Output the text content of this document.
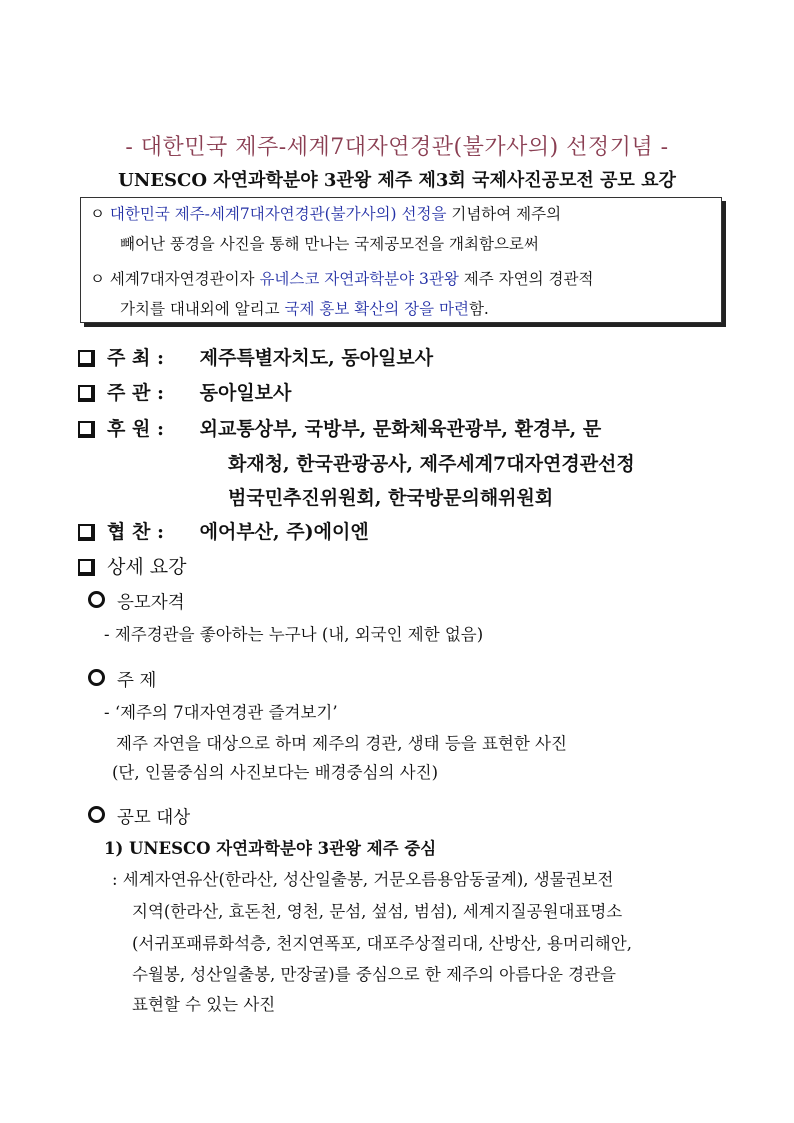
- 대한민국 제주-세계7대자연경관(불가사의) 선정기념 -
UNESCO 자연과학분야 3관왕 제주 제3회 국제사진공모전 공모 요강
ㅇ 대한민국 제주-세계7대자연경관(불가사의) 선정을 기념하여 제주의
빼어난 풍경을 사진을 통해 만나는 국제공모전을 개최함으로써
ㅇ 세계7대자연경관이자 유네스코 자연과학분야 3관왕 제주 자연의 경관적
가치를 대내외에 알리고 국제 홍보 확산의 장을 마련함.
주 최 : 제주특별자치도, 동아일보사
주 관 : 동아일보사
후 원 : 외교통상부, 국방부, 문화체육관광부, 환경부, 문
화재청, 한국관광공사, 제주세계7대자연경관선정
범국민추진위원회, 한국방문의해위원회
협 찬 : 에어부산, 주)에이엔
상세 요강
응모자격
- 제주경관을 좋아하는 누구나 (내, 외국인 제한 없음)
주 제
- ‘제주의 7대자연경관 즐겨보기’
제주 자연을 대상으로 하며 제주의 경관, 생태 등을 표현한 사진
(단, 인물중심의 사진보다는 배경중심의 사진)
공모 대상
1) UNESCO 자연과학분야 3관왕 제주 중심
: 세계자연유산(한라산, 성산일출봉, 거문오름용암동굴계), 생물권보전
지역(한라산, 효돈천, 영천, 문섬, 섶섬, 범섬), 세계지질공원대표명소
(서귀포패류화석층, 천지연폭포, 대포주상절리대, 산방산, 용머리해안,
수월봉, 성산일출봉, 만장굴)를 중심으로 한 제주의 아름다운 경관을
표현할 수 있는 사진
